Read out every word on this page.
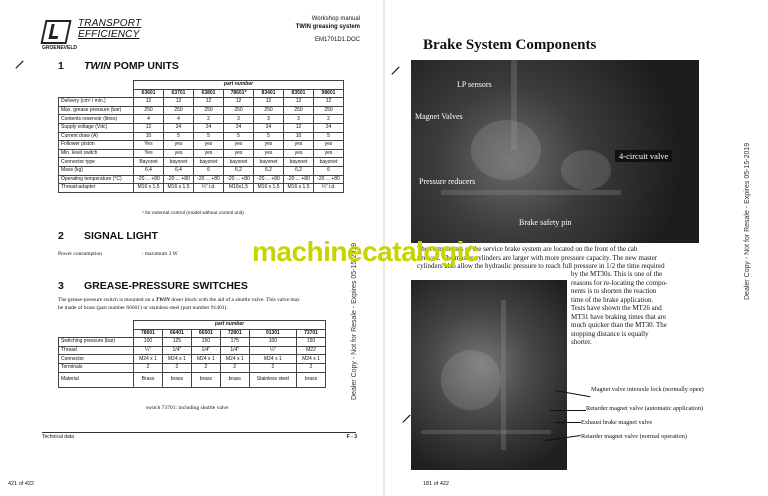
TRANSPORT
EFFICIENCY
GROENEVELD
Workshop manual
TWIN greasing system
EM1701D1.DOC
⸝	1 TWIN POMP UNITS
	part number						
	63601	63701	63801	78601*	83401	83501	98601
Delivery (cm³ / min.)	12	12	12	12	12	12	12
Max. grease pressure (bar)	250	250	250	250	250	250	250
Contents reservoir (litres)	4	4	2	3	3	3	2
Supply voltage (Vdc)	12	24	24	24	24	12	24
Current draw (A)	10	5	5	5	5	10	5
Follower piston	Yes	yes	yes	yes	yes	yes	yes
Min. level switch	Yes	yes	yes	yes	yes	yes	yes
Connector type	Bayonet	bayonet	bayonet	bayonet	bayonet	bayonet	bayonet
Mass (kg)	6,4	6,4	6	6,2	6,2	6,2	6
Operating temperature (°C)	-20 ... +80	-20 ... +80	-20 ... +80	-20 ... +80	-20 ... +80	-20 ... +80	-20 ... +80
Thread-adapter	M16 x 1,5	M16 x 1,5	¼" i.d.	M16x1,5	M16 x 1,5	M16 x 1,5	¼" i.d.
* for external control (model without control unit)
2 SIGNAL LIGHT
Power consumption	: maximum 3 W
3 GREASE-PRESSURE SWITCHES
The grease-pressure switch is mounted on a TWIN doser block with the aid of a shuttle valve. This valve may
be made of brass (part number 66601) or stainless steel (part number 91401).
	part number					
	78601	66401	66501	72801	91301	73701
Switching pressure (bar)	100	125	150	175	100	150
Thread	¼"	1/4"	1/4"	1/4"	¼"	M22
Connector	M24 x 1	M24 x 1	M24 x 1	M24 x 1	M24 x 1	M24 x 1
Terminals	2	2	2	2	2	2
Material	Brass	brass	brass	brass	Stainless steel	brass
switch 73701: including shuttle valve
Technical data	F - 3
421 of 422
Brake System Components
⸝
LP sensors
Magnet Valves
Pressure reducers
Brake safety pin
4-circuit valve
The components of the service brake system are located on the front of the cab
firewall. The master cylinders are larger with more pressure capacity. The new master
cylinders also allow the hydraulic pressure to reach full pressure in 1/2 the time required
by the MT30s. This is one of the
reasons for re-locating the compo-
nents is to shorten the reaction
time of the brake application.
Tests have shown the MT26 and
MT31 have braking times that are
much quicker than the MT30. The
stopping distance is equally
shorter.
Magnet valve interaxle lock (normally open)
Retarder magnet valve (automatic application)
Exhaust brake magnet valve
Retarder magnet valve (normal operation)
⸝
181 of 422
Dealer Copy - Not for Resale - Expires 05-15-2019
Dealer Copy - Not for Resale - Expires 05-15-2019
machinecatalogic
